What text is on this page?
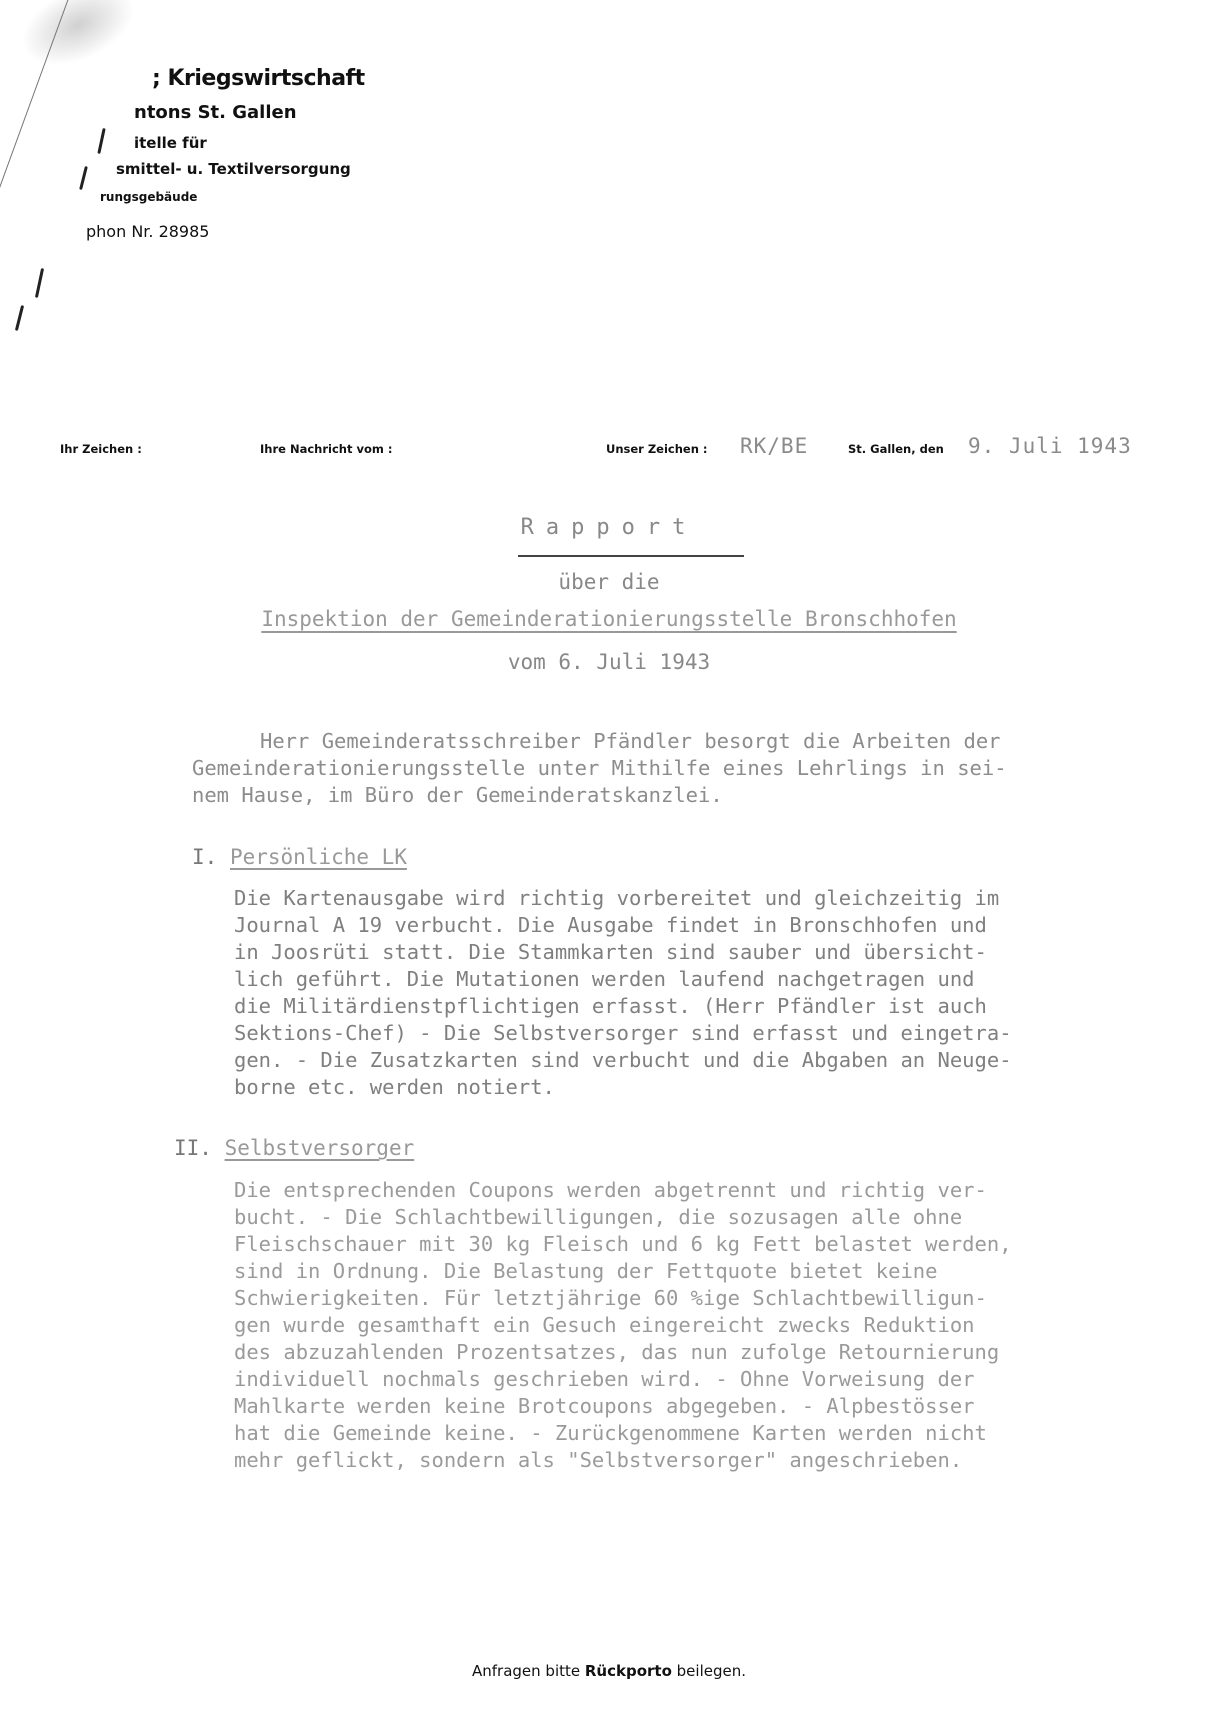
; Kriegswirtschaft
ntons St. Gallen
itelle für
smittel- u. Textilversorgung
rungsgebäude
phon Nr. 28985
Ihr Zeichen :	Ihre Nachricht vom :	Unser Zeichen : RK/BE	St. Gallen, den 9. Juli 1943
Rapport
über die
Inspektion der Gemeinderationierungsstelle Bronschhofen
vom 6. Juli 1943
Herr Gemeinderatsschreiber Pfändler besorgt die Arbeiten der
Gemeinderationierungsstelle unter Mithilfe eines Lehrlings in sei-
nem Hause, im Büro der Gemeinderatskanzlei.
I. Persönliche LK
Die Kartenausgabe wird richtig vorbereitet und gleichzeitig im
Journal A 19 verbucht. Die Ausgabe findet in Bronschhofen und
in Joosrüti statt. Die Stammkarten sind sauber und übersicht-
lich geführt. Die Mutationen werden laufend nachgetragen und
die Militärdienstpflichtigen erfasst. (Herr Pfändler ist auch
Sektions-Chef) - Die Selbstversorger sind erfasst und eingetra-
gen. - Die Zusatzkarten sind verbucht und die Abgaben an Neuge-
borne etc. werden notiert.
II. Selbstversorger
Die entsprechenden Coupons werden abgetrennt und richtig ver-
bucht. - Die Schlachtbewilligungen, die sozusagen alle ohne
Fleischschauer mit 30 kg Fleisch und 6 kg Fett belastet werden,
sind in Ordnung. Die Belastung der Fettquote bietet keine
Schwierigkeiten. Für letztjährige 60 %ige Schlachtbewilligun-
gen wurde gesamthaft ein Gesuch eingereicht zwecks Reduktion
des abzuzahlenden Prozentsatzes, das nun zufolge Retournierung
individuell nochmals geschrieben wird. - Ohne Vorweisung der
Mahlkarte werden keine Brotcoupons abgegeben. - Alpbestösser
hat die Gemeinde keine. - Zurückgenommene Karten werden nicht
mehr geflickt, sondern als "Selbstversorger" angeschrieben.
Anfragen bitte Rückporto beilegen.
